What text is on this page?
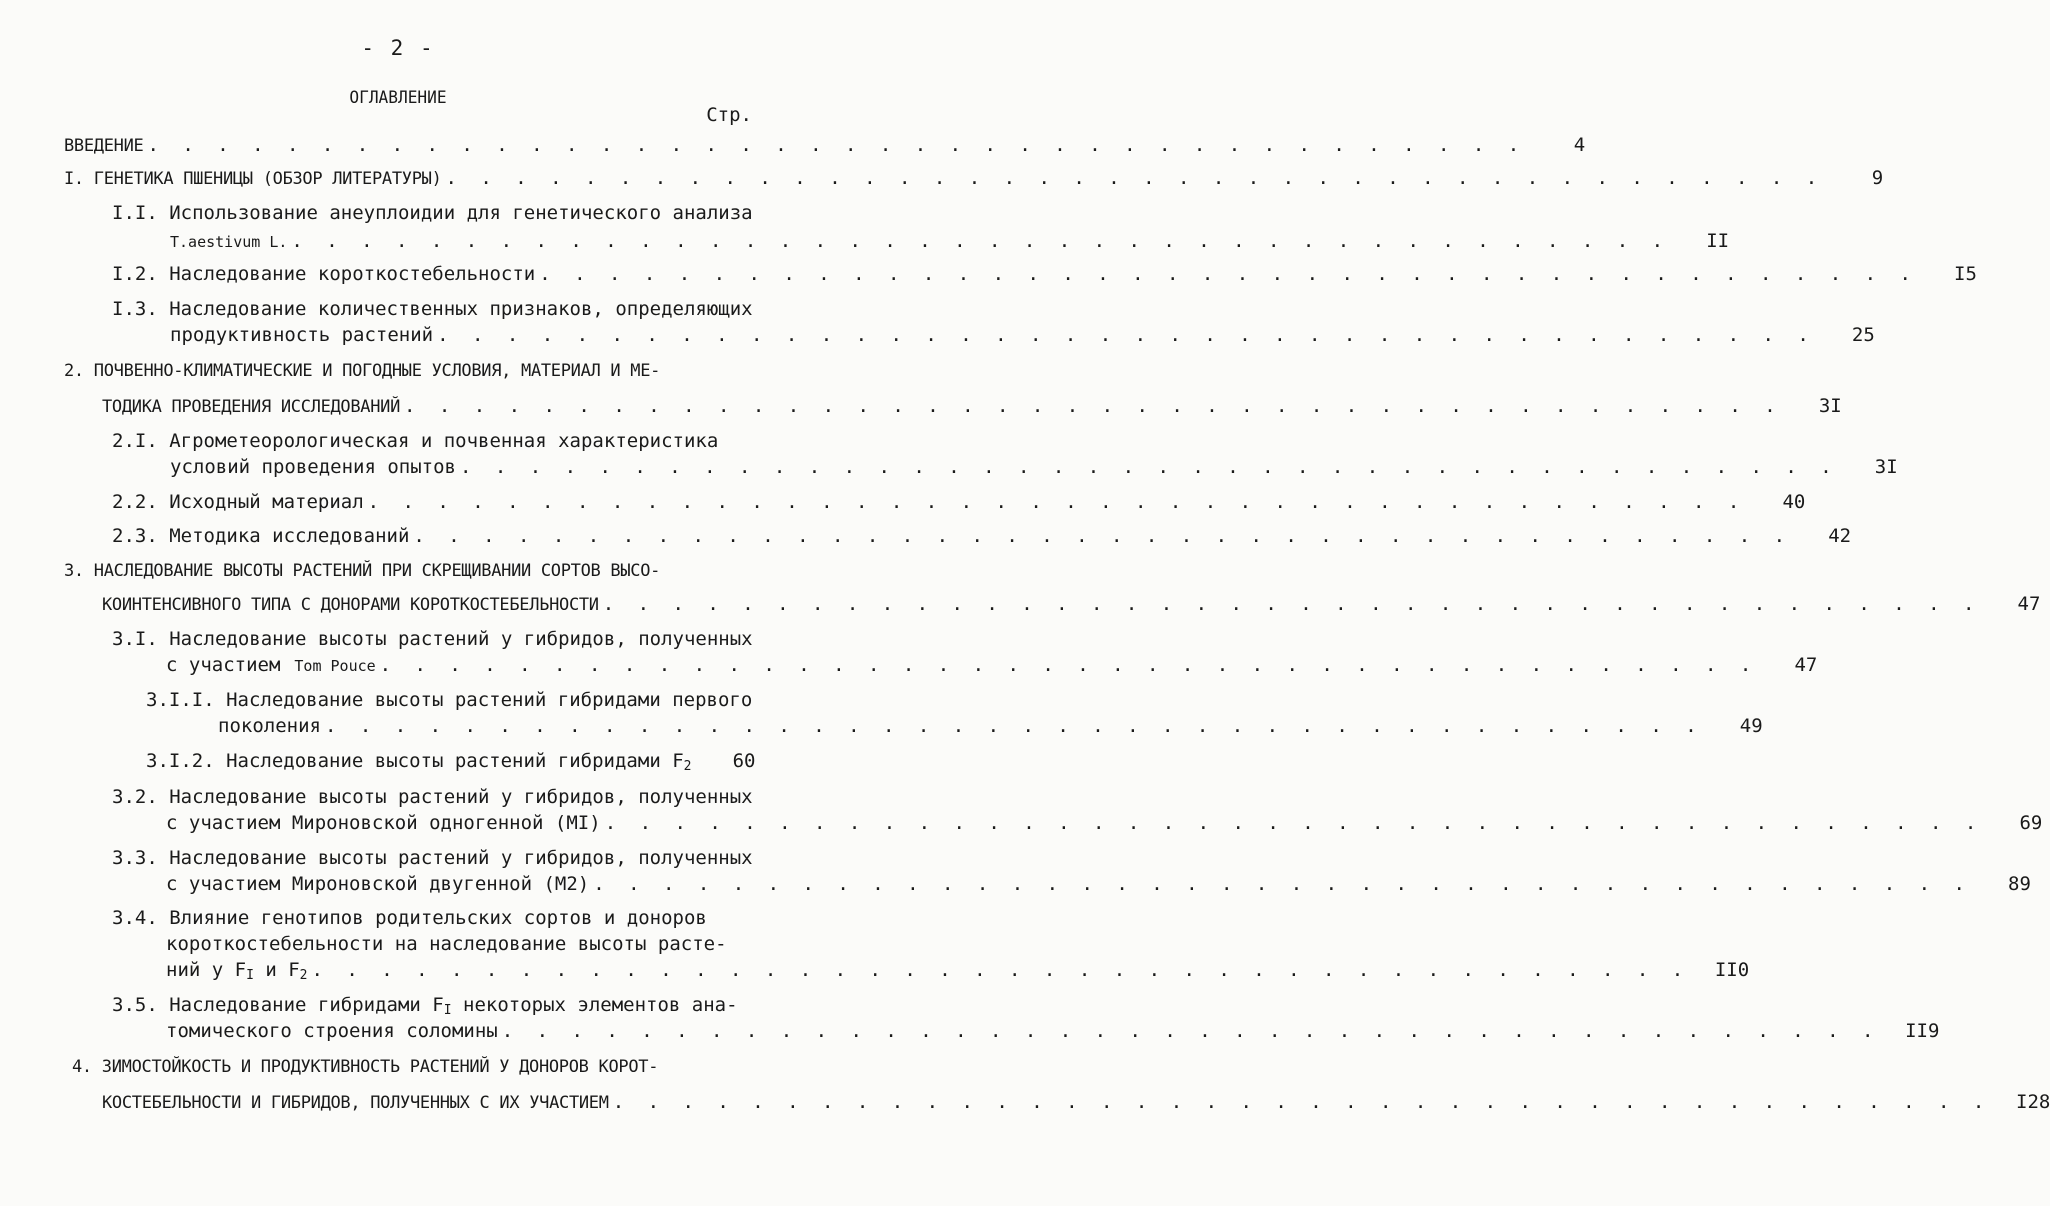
- 2 -
ОГЛАВЛЕНИЕ
Стр.
ВВЕДЕНИЕ . . . . . . . . . . . . . . . . . . . . . . . . . . . . . . . . . . . . . . . .	4
I. ГЕНЕТИКА ПШЕНИЦЫ (ОБЗОР ЛИТЕРАТУРЫ) . . . . . . . . . . . . . . . . . . . . . . . . . . . . . . . . . . . . . . . .	9
I.I. Использование анеуплоидии для генетического анализа
T.aestivum L. . . . . . . . . . . . . . . . . . . . . . . . . . . . . . . . . . . . . . . . .	II
I.2. Наследование короткостебельности . . . . . . . . . . . . . . . . . . . . . . . . . . . . . . . . . . . . . . . .	I5
I.3. Наследование количественных признаков, определяющих
продуктивность растений . . . . . . . . . . . . . . . . . . . . . . . . . . . . . . . . . . . . . . . .	25
2. ПОЧВЕННО-КЛИМАТИЧЕСКИЕ И ПОГОДНЫЕ УСЛОВИЯ, МАТЕРИАЛ И МЕ-
ТОДИКА ПРОВЕДЕНИЯ ИССЛЕДОВАНИЙ . . . . . . . . . . . . . . . . . . . . . . . . . . . . . . . . . . . . . . . .	3I
2.I. Агрометеорологическая и почвенная характеристика
условий проведения опытов . . . . . . . . . . . . . . . . . . . . . . . . . . . . . . . . . . . . . . . .	3I
2.2. Исходный материал . . . . . . . . . . . . . . . . . . . . . . . . . . . . . . . . . . . . . . . .	40
2.3. Методика исследований . . . . . . . . . . . . . . . . . . . . . . . . . . . . . . . . . . . . . . . .	42
3. НАСЛЕДОВАНИЕ ВЫСОТЫ РАСТЕНИЙ ПРИ СКРЕЩИВАНИИ СОРТОВ ВЫСО-
КОИНТЕНСИВНОГО ТИПА С ДОНОРАМИ КОРОТКОСТЕБЕЛЬНОСТИ . . . . . . . . . . . . . . . . . . . . . . . . . . . . . . . . . . . . . . . .	47
3.I. Наследование высоты растений у гибридов, полученных
с участием Tom Pouce . . . . . . . . . . . . . . . . . . . . . . . . . . . . . . . . . . . . . . . .	47
3.I.I. Наследование высоты растений гибридами первого
поколения . . . . . . . . . . . . . . . . . . . . . . . . . . . . . . . . . . . . . . . .	49
3.I.2. Наследование высоты растений гибридами $F_2$	60
3.2. Наследование высоты растений у гибридов, полученных
с участием Мироновской одногенной (MI) . . . . . . . . . . . . . . . . . . . . . . . . . . . . . . . . . . . . . . . .	69
3.3. Наследование высоты растений у гибридов, полученных
с участием Мироновской двугенной (M2) . . . . . . . . . . . . . . . . . . . . . . . . . . . . . . . . . . . . . . . .	89
3.4. Влияние генотипов родительских сортов и доноров
короткостебельности на наследование высоты расте-
ний у $F_I$ и $F_2$ . . . . . . . . . . . . . . . . . . . . . . . . . . . . . . . . . . . . . . . .	II0
3.5. Наследование гибридами $F_I$ некоторых элементов ана-
томического строения соломины . . . . . . . . . . . . . . . . . . . . . . . . . . . . . . . . . . . . . . . .	II9
4. ЗИМОСТОЙКОСТЬ И ПРОДУКТИВНОСТЬ РАСТЕНИЙ У ДОНОРОВ КОРОТ-
КОСТЕБЕЛЬНОСТИ И ГИБРИДОВ, ПОЛУЧЕННЫХ С ИХ УЧАСТИЕМ . . . . . . . . . . . . . . . . . . . . . . . . . . . . . . . . . . . . . . . .	I28
